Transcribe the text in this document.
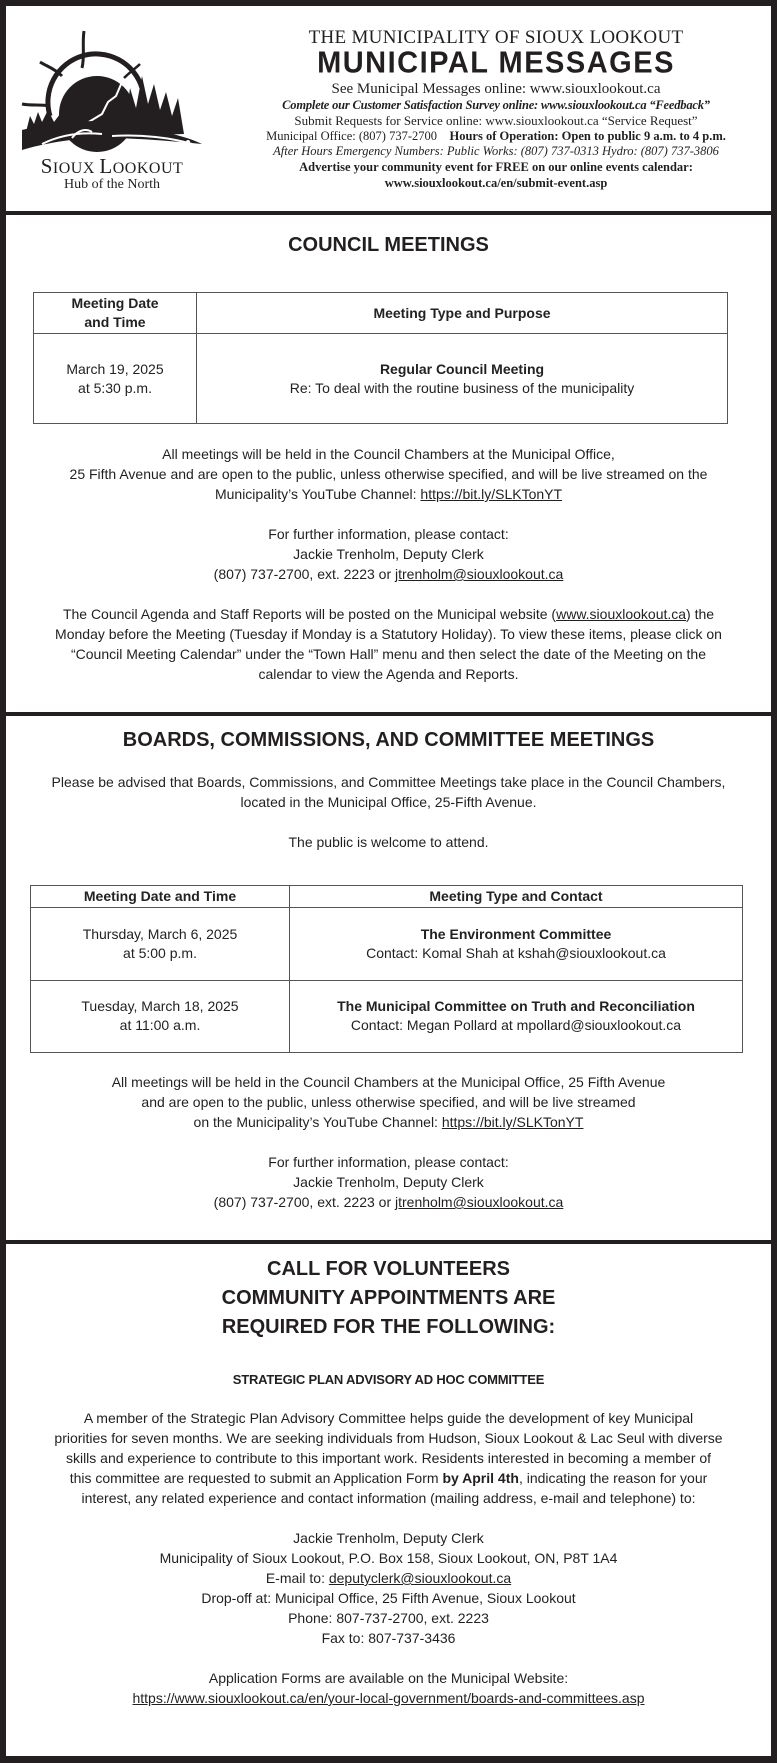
SIOUX LOOKOUT
Hub of the North
THE MUNICIPALITY OF SIOUX LOOKOUT
MUNICIPAL MESSAGES
See Municipal Messages online: www.siouxlookout.ca
Complete our Customer Satisfaction Survey online: www.siouxlookout.ca “Feedback”
Submit Requests for Service online: www.siouxlookout.ca “Service Request”
Municipal Office: (807) 737-2700 Hours of Operation: Open to public 9 a.m. to 4 p.m.
After Hours Emergency Numbers: Public Works: (807) 737-0313 Hydro: (807) 737-3806
Advertise your community event for FREE on our online events calendar:
www.siouxlookout.ca/en/submit-event.asp
COUNCIL MEETINGS
Meeting Date
and Time	Meeting Type and Purpose
March 19, 2025
at 5:30 p.m.	Regular Council Meeting
Re: To deal with the routine business of the municipality

All meetings will be held in the Council Chambers at the Municipal Office,

25 Fifth Avenue and are open to the public, unless otherwise specified, and will be live streamed on the

Municipality’s YouTube Channel: https://bit.ly/SLKTonYT

For further information, please contact:

Jackie Trenholm, Deputy Clerk

(807) 737-2700, ext. 2223 or jtrenholm@siouxlookout.ca

The Council Agenda and Staff Reports will be posted on the Municipal website (www.siouxlookout.ca) the

Monday before the Meeting (Tuesday if Monday is a Statutory Holiday). To view these items, please click on

“Council Meeting Calendar” under the “Town Hall” menu and then select the date of the Meeting on the

calendar to view the Agenda and Reports.

BOARDS, COMMISSIONS, AND COMMITTEE MEETINGS

Please be advised that Boards, Commissions, and Committee Meetings take place in the Council Chambers,

located in the Municipal Office, 25-Fifth Avenue.

The public is welcome to attend.

Meeting Date and Time	Meeting Type and Contact
Thursday, March 6, 2025
at 5:00 p.m.	The Environment Committee
Contact: Komal Shah at kshah@siouxlookout.ca
Tuesday, March 18, 2025
at 11:00 a.m.	The Municipal Committee on Truth and Reconciliation
Contact: Megan Pollard at mpollard@siouxlookout.ca

All meetings will be held in the Council Chambers at the Municipal Office, 25 Fifth Avenue

and are open to the public, unless otherwise specified, and will be live streamed

on the Municipality’s YouTube Channel: https://bit.ly/SLKTonYT

For further information, please contact:

Jackie Trenholm, Deputy Clerk

(807) 737-2700, ext. 2223 or jtrenholm@siouxlookout.ca

CALL FOR VOLUNTEERS
COMMUNITY APPOINTMENTS ARE
REQUIRED FOR THE FOLLOWING:

STRATEGIC PLAN ADVISORY AD HOC COMMITTEE

A member of the Strategic Plan Advisory Committee helps guide the development of key Municipal

priorities for seven months. We are seeking individuals from Hudson, Sioux Lookout & Lac Seul with diverse

skills and experience to contribute to this important work. Residents interested in becoming a member of

this committee are requested to submit an Application Form by April 4th, indicating the reason for your

interest, any related experience and contact information (mailing address, e-mail and telephone) to:

Jackie Trenholm, Deputy Clerk

Municipality of Sioux Lookout, P.O. Box 158, Sioux Lookout, ON, P8T 1A4

E-mail to: deputyclerk@siouxlookout.ca

Drop-off at: Municipal Office, 25 Fifth Avenue, Sioux Lookout

Phone: 807-737-2700, ext. 2223

Fax to: 807-737-3436

Application Forms are available on the Municipal Website:

https://www.siouxlookout.ca/en/your-local-government/boards-and-committees.asp
